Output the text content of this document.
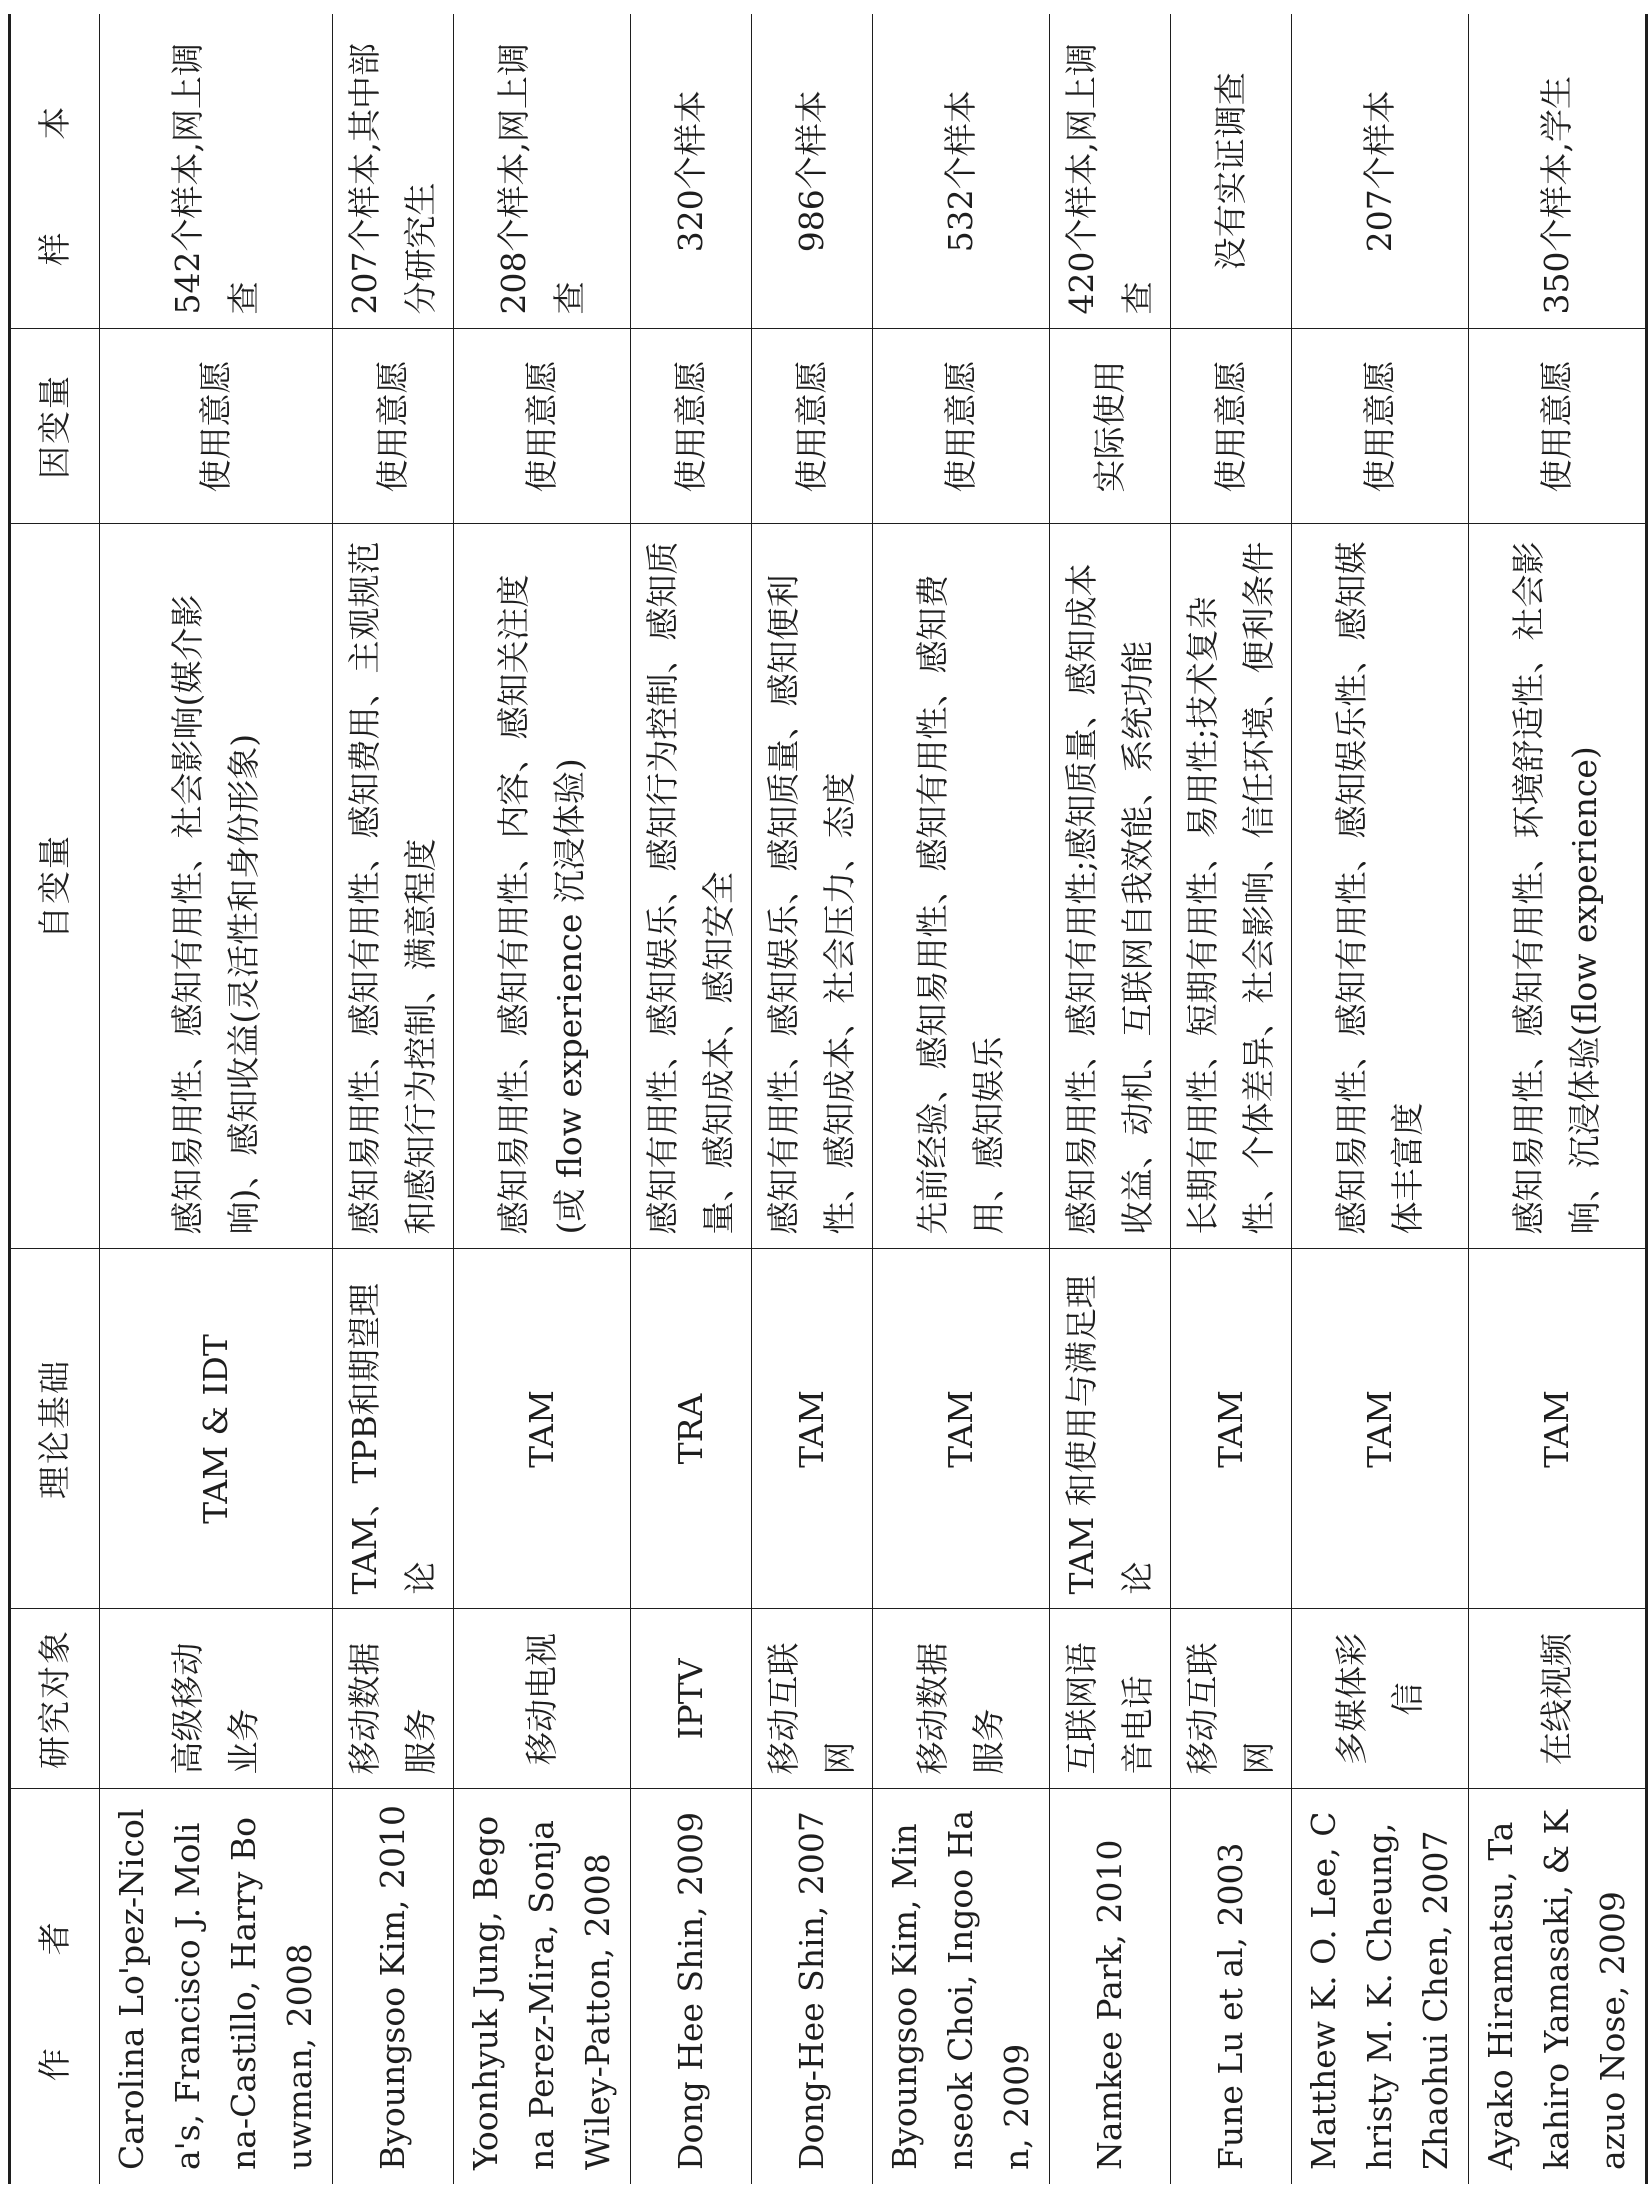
作　者	研究对象	理论基础	自变量	因变量	样　本
Carolina Lo'pez-Nicola's, Francisco J. Molina-Castillo, Harry Bouwman, 2008	高级移动业务	TAM & IDT	感知易用性、感知有用性、社会影响(媒介影响)、感知收益(灵活性和身份形象)	使用意愿	542个样本,网上调查
Byoungsoo Kim, 2010	移动数据服务	TAM、TPB和期望理论	感知易用性、感知有用性、感知费用、主观规范和感知行为控制、满意程度	使用意愿	207个样本,其中部分研究生
Yoonhyuk Jung, Begona Perez-Mira, Sonja Wiley-Patton, 2008	移动电视	TAM	感知易用性、感知有用性、内容、感知关注度(或 flow experience 沉浸体验)	使用意愿	208个样本,网上调查
Dong Hee Shin, 2009	IPTV	TRA	感知有用性、感知娱乐、感知行为控制、感知质量、感知成本、感知安全	使用意愿	320个样本
Dong-Hee Shin, 2007	移动互联网	TAM	感知有用性、感知娱乐、感知质量、感知便利性、感知成本、社会压力、态度	使用意愿	986个样本
Byoungsoo Kim, Minnseok Choi, Ingoo Han, 2009	移动数据服务	TAM	先前经验、感知易用性、感知有用性、感知费用、感知娱乐	使用意愿	532个样本
Namkee Park, 2010	互联网语音电话	TAM 和使用与满足理论	感知易用性、感知有用性;感知质量、感知成本收益、动机、互联网自我效能、系统功能	实际使用	420个样本,网上调查
Fune Lu et al, 2003	移动互联网	TAM	长期有用性、短期有用性、易用性;技术复杂性、个体差异、社会影响、信任环境、便利条件	使用意愿	没有实证调查
Matthew K. O. Lee, Christy M. K. Cheung, Zhaohui Chen, 2007	多媒体彩信	TAM	感知易用性、感知有用性、感知娱乐性、感知媒体丰富度	使用意愿	207个样本
Ayako Hiramatsu, Takahiro Yamasaki, & Kazuo Nose, 2009	在线视频	TAM	感知易用性、感知有用性、环境舒适性、社会影响、沉浸体验(flow experience)	使用意愿	350个样本,学生
